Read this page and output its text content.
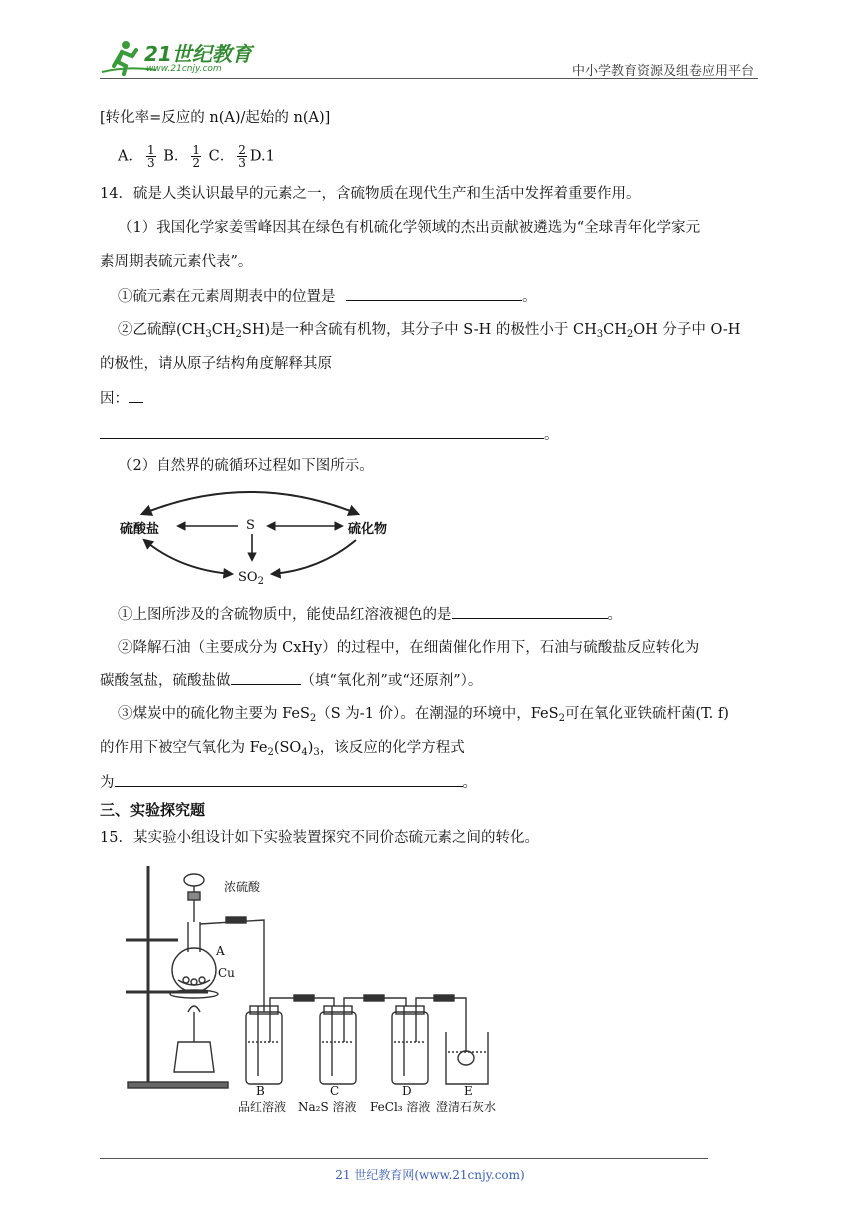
21世纪教育
www.21cnjy.com	中小学教育资源及组卷应用平台
[转化率=反应的 n(A)/起始的 n(A)]
A． $\frac{1}{3}$ B． $\frac{1}{2}$ C． $\frac{2}{3} D.1$
14．硫是人类认识最早的元素之一，含硫物质在现代生产和生活中发挥着重要作用。
（1）我国化学家姜雪峰因其在绿色有机硫化学领域的杰出贡献被遴选为“全球青年化学家元
素周期表硫元素代表”。
①硫元素在元素周期表中的位置是	。
②乙硫醇$(CH_3CH_2SH)$是一种含硫有机物，其分子中 S-H 的极性小于 $CH_3CH_2OH$ 分子中 O-H
的极性，请从原子结构角度解释其原
因：
。
（2）自然界的硫循环过程如下图所示。
硫酸盐	S	硫化物
$SO_2$
①上图所涉及的含硫物质中，能使品红溶液褪色的是	。
②降解石油（主要成分为 CxHy）的过程中，在细菌催化作用下，石油与硫酸盐反应转化为
碳酸氢盐，硫酸盐做	（填“氧化剂”或“还原剂”）。
③煤炭中的硫化物主要为 FeS$_2$（S 为-1 价）。在潮湿的环境中，FeS$_2$可在氧化亚铁硫杆菌(T. f)
的作用下被空气氧化为 $Fe_2(SO_4)_3$，该反应的化学方程式
为	。
三、实验探究题
15．某实验小组设计如下实验装置探究不同价态硫元素之间的转化。
浓硫酸
A
Cu
B	C	D	E
品红溶液 Na₂S 溶液 FeCl₃ 溶液 澄清石灰水
21 世纪教育网(www.21cnjy.com)
